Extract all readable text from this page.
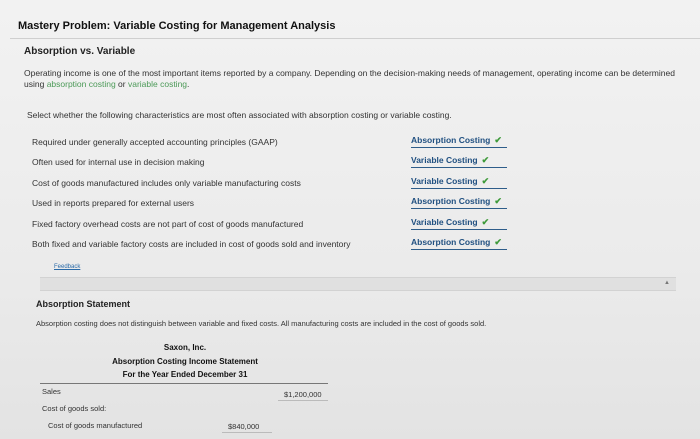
Mastery Problem: Variable Costing for Management Analysis
Absorption vs. Variable
Operating income is one of the most important items reported by a company. Depending on the decision-making needs of management, operating income can be determined using absorption costing or variable costing.
Select whether the following characteristics are most often associated with absorption costing or variable costing.
Required under generally accepted accounting principles (GAAP)	Absorption Costing ✔
Often used for internal use in decision making	Variable Costing ✔
Cost of goods manufactured includes only variable manufacturing costs	Variable Costing ✔
Used in reports prepared for external users	Absorption Costing ✔
Fixed factory overhead costs are not part of cost of goods manufactured	Variable Costing ✔
Both fixed and variable factory costs are included in cost of goods sold and inventory	Absorption Costing ✔
Feedback
▲
Absorption Statement
Absorption costing does not distinguish between variable and fixed costs. All manufacturing costs are included in the cost of goods sold.
Saxon, Inc.
Absorption Costing Income Statement
For the Year Ended December 31
Sales	$1,200,000
Cost of goods sold:
Cost of goods manufactured	$840,000
